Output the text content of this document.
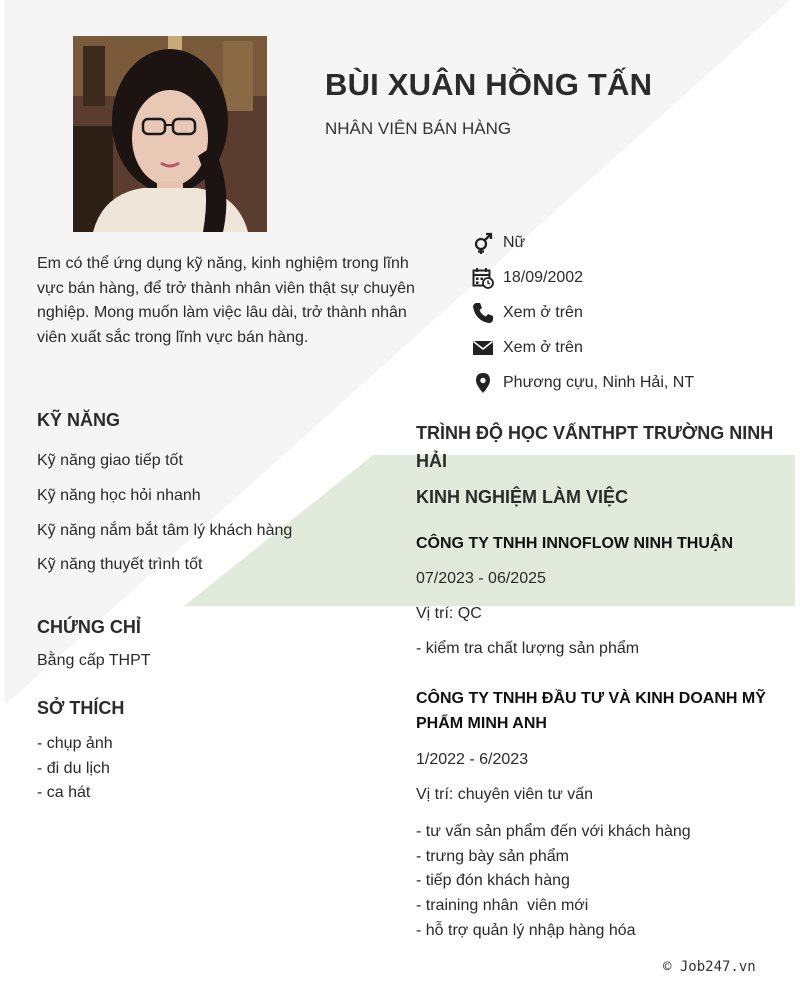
BÙI XUÂN HỒNG TẤN
NHÂN VIÊN BÁN HÀNG
Em có thể ứng dụng kỹ năng, kinh nghiệm trong lĩnh vực bán hàng, để trở thành nhân viên thật sự chuyên nghiệp. Mong muốn làm việc lâu dài, trở thành nhân viên xuất sắc trong lĩnh vực bán hàng.
Nữ
18/09/2002
Xem ở trên
Xem ở trên
Phương cựu, Ninh Hải, NT
KỸ NĂNG
Kỹ năng giao tiếp tốt
Kỹ năng học hỏi nhanh
Kỹ năng nắm bắt tâm lý khách hàng
Kỹ năng thuyết trình tốt
CHỨNG CHỈ
Bằng cấp THPT
SỞ THÍCH
- chụp ảnh
- đi du lịch
- ca hát
TRÌNH ĐỘ HỌC VẤNTHPT TRƯỜNG NINH HẢI
KINH NGHIỆM LÀM VIỆC
CÔNG TY TNHH INNOFLOW NINH THUẬN
07/2023 - 06/2025
Vị trí: QC
- kiểm tra chất lượng sản phẩm
CÔNG TY TNHH ĐẦU TƯ VÀ KINH DOANH MỸ PHẨM MINH ANH
1/2022 - 6/2023
Vị trí: chuyên viên tư vấn
- tư vấn sản phẩm đến với khách hàng
- trưng bày sản phẩm
- tiếp đón khách hàng
- training nhân  viên mới
- hỗ trợ quản lý nhập hàng hóa
© Job247.vn
